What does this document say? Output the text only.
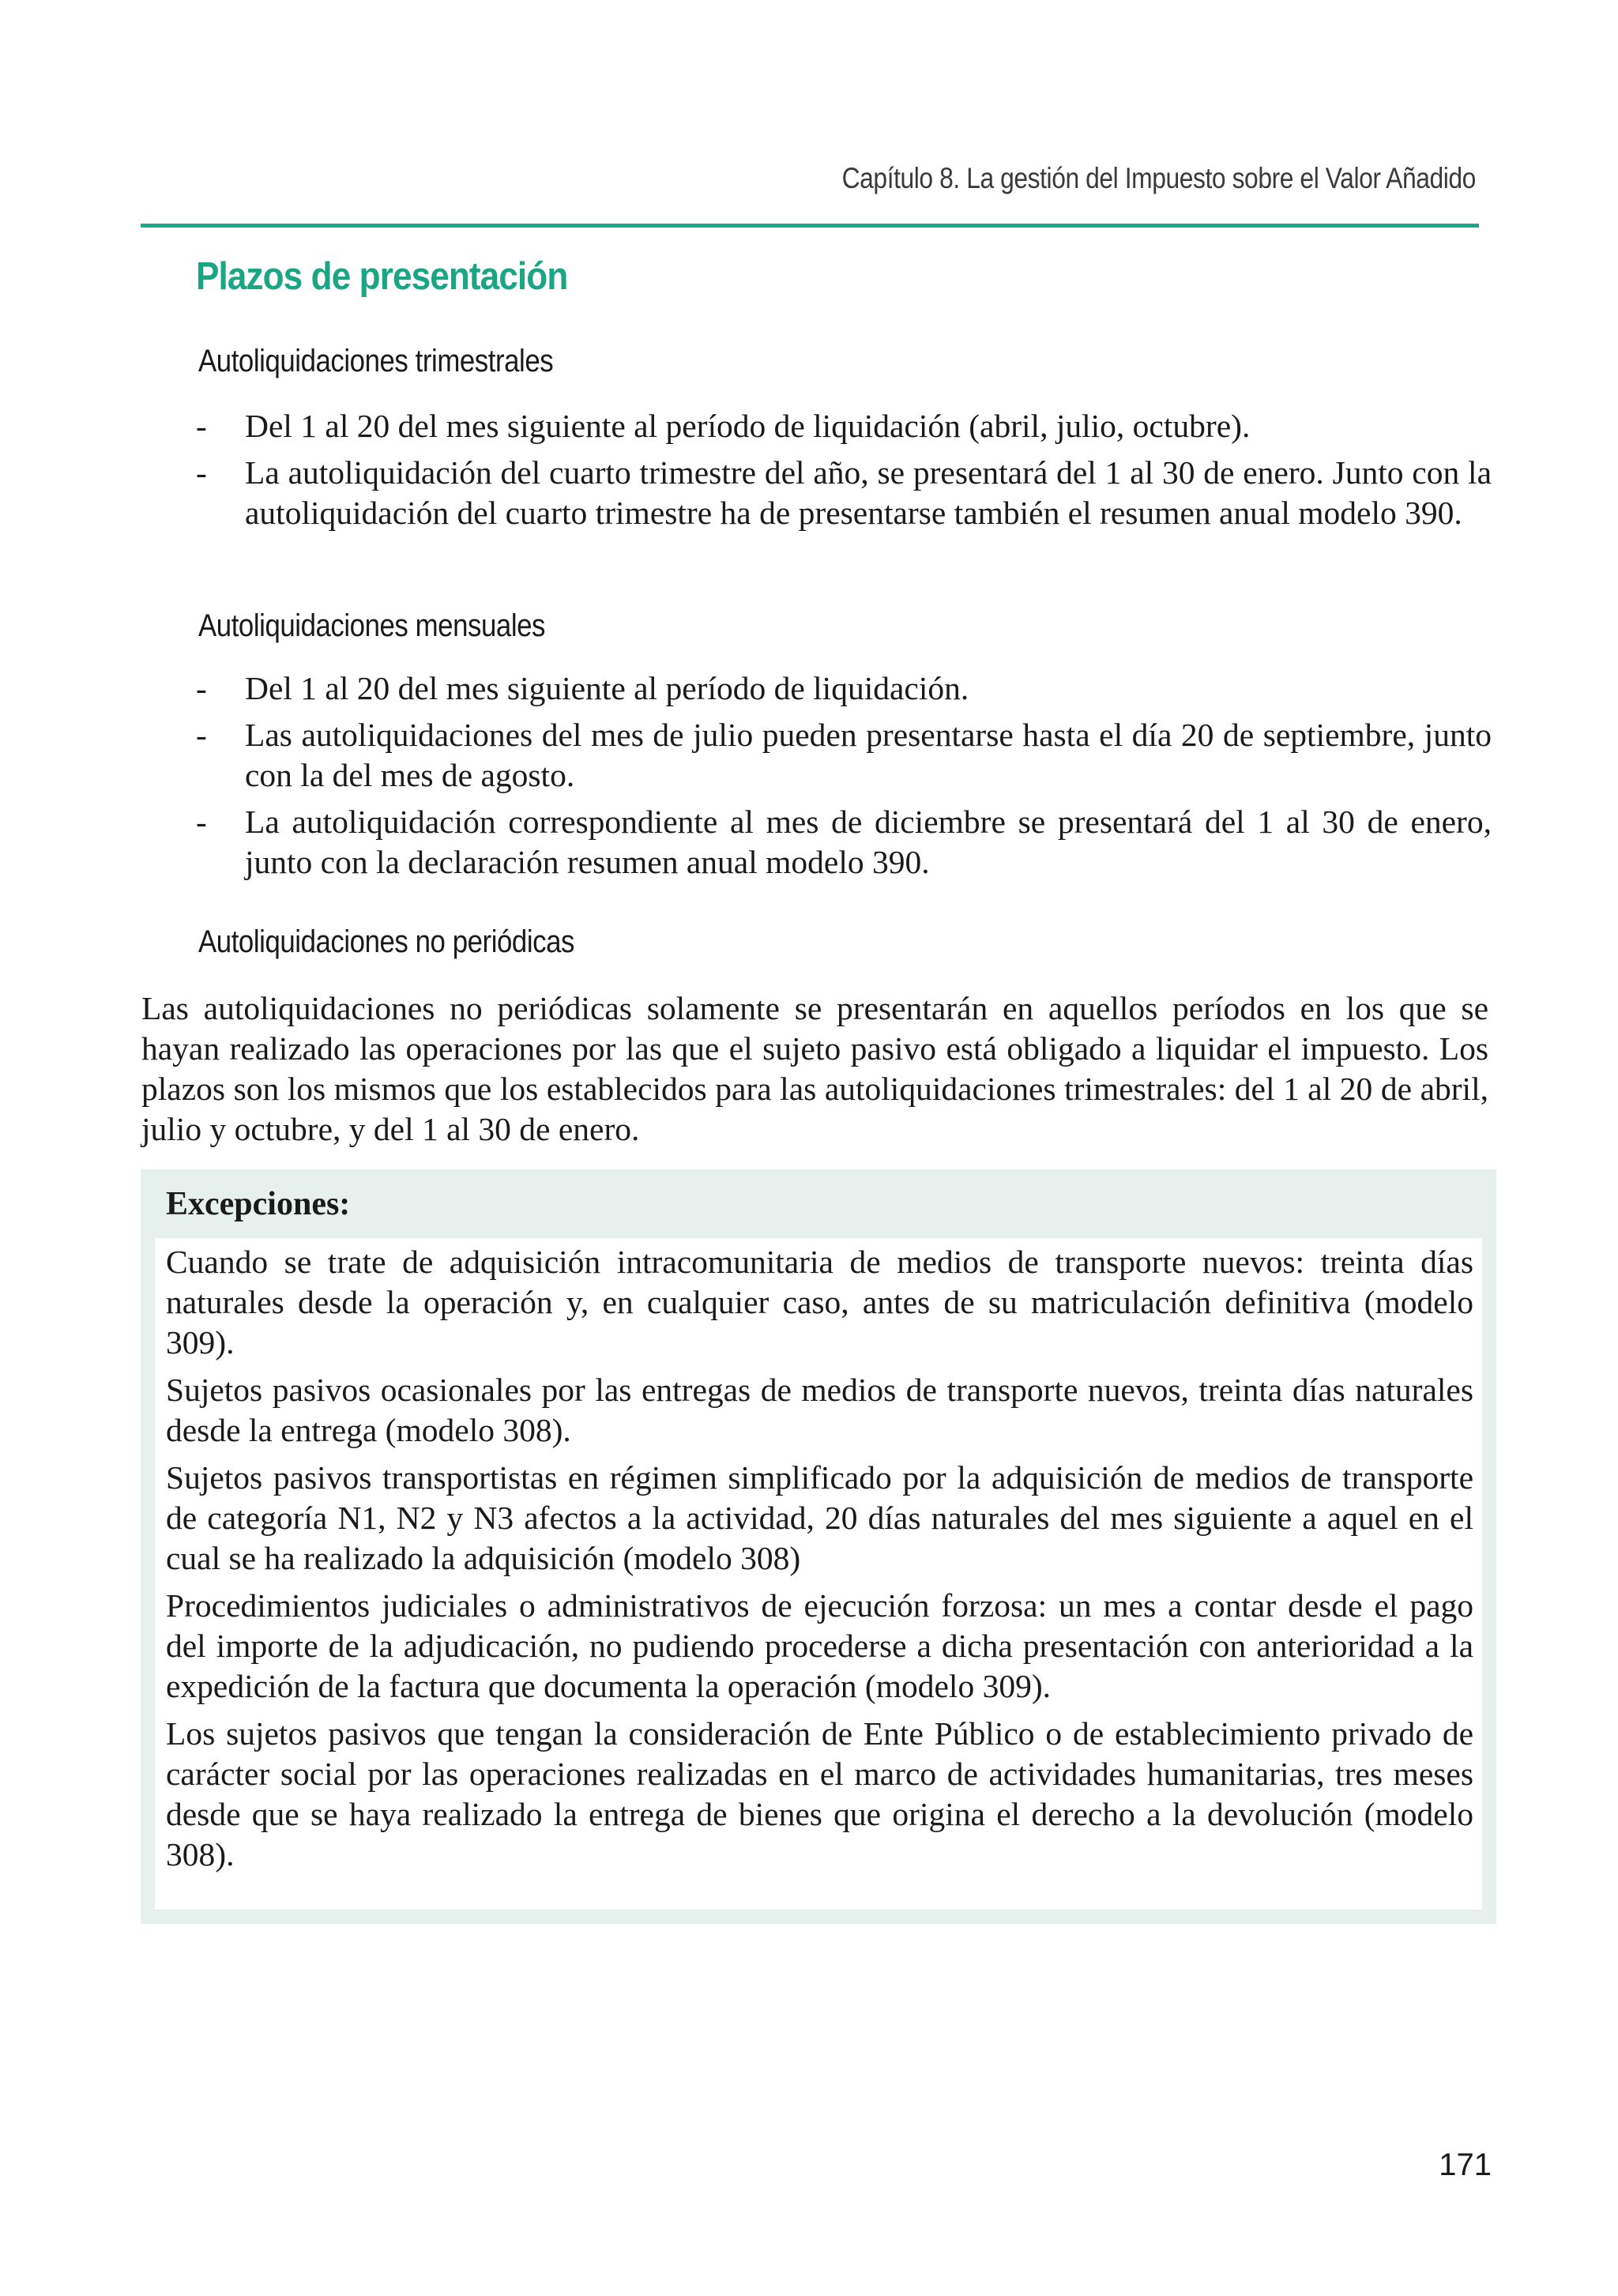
Capítulo 8. La gestión del Impuesto sobre el Valor Añadido
Plazos de presentación
Autoliquidaciones trimestrales
- Del 1 al 20 del mes siguiente al período de liquidación (abril, julio, octubre).
- La autoliquidación del cuarto trimestre del año, se presentará del 1 al 30 de enero. Junto con la autoliquidación del cuarto trimestre ha de presentarse también el resumen anual modelo 390.
Autoliquidaciones mensuales
- Del 1 al 20 del mes siguiente al período de liquidación.
- Las autoliquidaciones del mes de julio pueden presentarse hasta el día 20 de septiembre, junto con la del mes de agosto.
- La autoliquidación correspondiente al mes de diciembre se presentará del 1 al 30 de enero, junto con la declaración resumen anual modelo 390.
Autoliquidaciones no periódicas

Las autoliquidaciones no periódicas solamente se presentarán en aquellos períodos en los que se hayan realizado las operaciones por las que el sujeto pasivo está obligado a liquidar el impuesto. Los plazos son los mismos que los establecidos para las autoliquidaciones trimestrales: del 1 al 20 de abril, julio y octubre, y del 1 al 30 de enero.

Excepciones:

Cuando se trate de adquisición intracomunitaria de medios de transporte nuevos: treinta días naturales desde la operación y, en cualquier caso, antes de su matriculación definitiva (modelo 309).

Sujetos pasivos ocasionales por las entregas de medios de transporte nuevos, treinta días naturales desde la entrega (modelo 308).

Sujetos pasivos transportistas en régimen simplificado por la adquisición de medios de transporte de categoría N1, N2 y N3 afectos a la actividad, 20 días naturales del mes siguiente a aquel en el cual se ha realizado la adquisición (modelo 308)

Procedimientos judiciales o administrativos de ejecución forzosa: un mes a contar desde el pago del importe de la adjudicación, no pudiendo procederse a dicha presentación con anterioridad a la expedición de la factura que documenta la operación (modelo 309).

Los sujetos pasivos que tengan la consideración de Ente Público o de establecimiento privado de carácter social por las operaciones realizadas en el marco de actividades humanitarias, tres meses desde que se haya realizado la entrega de bienes que origina el derecho a la devolución (modelo 308).

171
